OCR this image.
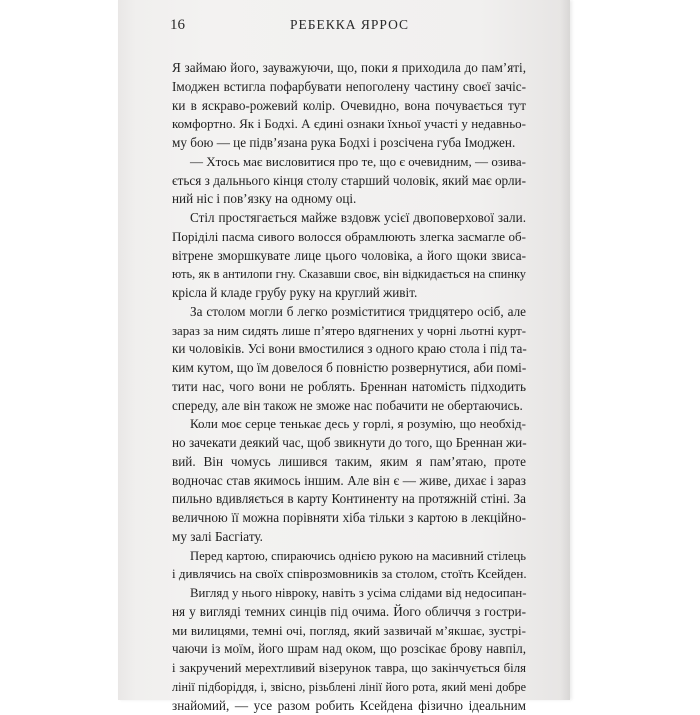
16	РЕБЕККА ЯРРОС
Я займаю його, зауважуючи, що, поки я приходила до пам’яті,
Імоджен встигла пофарбувати непоголену частину своєї зачіс-
ки в яскраво-рожевий колір. Очевидно, вона почувається тут
комфортно. Як і Бодхі. А єдині ознаки їхньої участі у недавньо-
му бою — це підв’язана рука Бодхі і розсічена губа Імоджен.
— Хтось має висловитися про те, що є очевидним, — озива-
ється з дальнього кінця столу старший чоловік, який має орли-
ний ніс і пов’язку на одному оці.
Стіл простягається майже вздовж усієї двоповерхової зали.
Поріділі пасма сивого волосся обрамлюють злегка засмагле об-
вітрене зморшкувате лице цього чоловіка, а його щоки звиса-
ють, як в антилопи гну. Сказавши своє, він відкидається на спинку
крісла й кладе грубу руку на круглий живіт.
За столом могли б легко розміститися тридцятеро осіб, але
зараз за ним сидять лише п’ятеро вдягнених у чорні льотні курт-
ки чоловіків. Усі вони вмостилися з одного краю стола і під та-
ким кутом, що їм довелося б повністю розвернутися, аби помі-
тити нас, чого вони не роблять. Бреннан натомість підходить
спереду, але він також не зможе нас побачити не обертаючись.
Коли моє серце тенькає десь у горлі, я розумію, що необхід-
но зачекати деякий час, щоб звикнути до того, що Бреннан жи-
вий. Він чомусь лишився таким, яким я пам’ятаю, проте
водночас став якимось іншим. Але він є — живе, дихає і зараз
пильно вдивляється в карту Континенту на протяжній стіні. За
величною її можна порівняти хіба тільки з картою в лекційно-
му залі Басгіату.
Перед картою, спираючись однією рукою на масивний стілець
і дивлячись на своїх співрозмовників за столом, стоїть Ксейден.
Вигляд у нього нівроку, навіть з усіма слідами від недосипан-
ня у вигляді темних синців під очима. Його обличчя з гостри-
ми вилицями, темні очі, погляд, який зазвичай м’якшає, зустрі-
чаючи із моїм, його шрам над оком, що розсікає брову навпіл,
і закручений мерехтливий візерунок тавра, що закінчується біля
лінії підборіддя, і, звісно, різьблені лінії його рота, який мені добре
знайомий, — усе разом робить Ксейдена фізично ідеальним
